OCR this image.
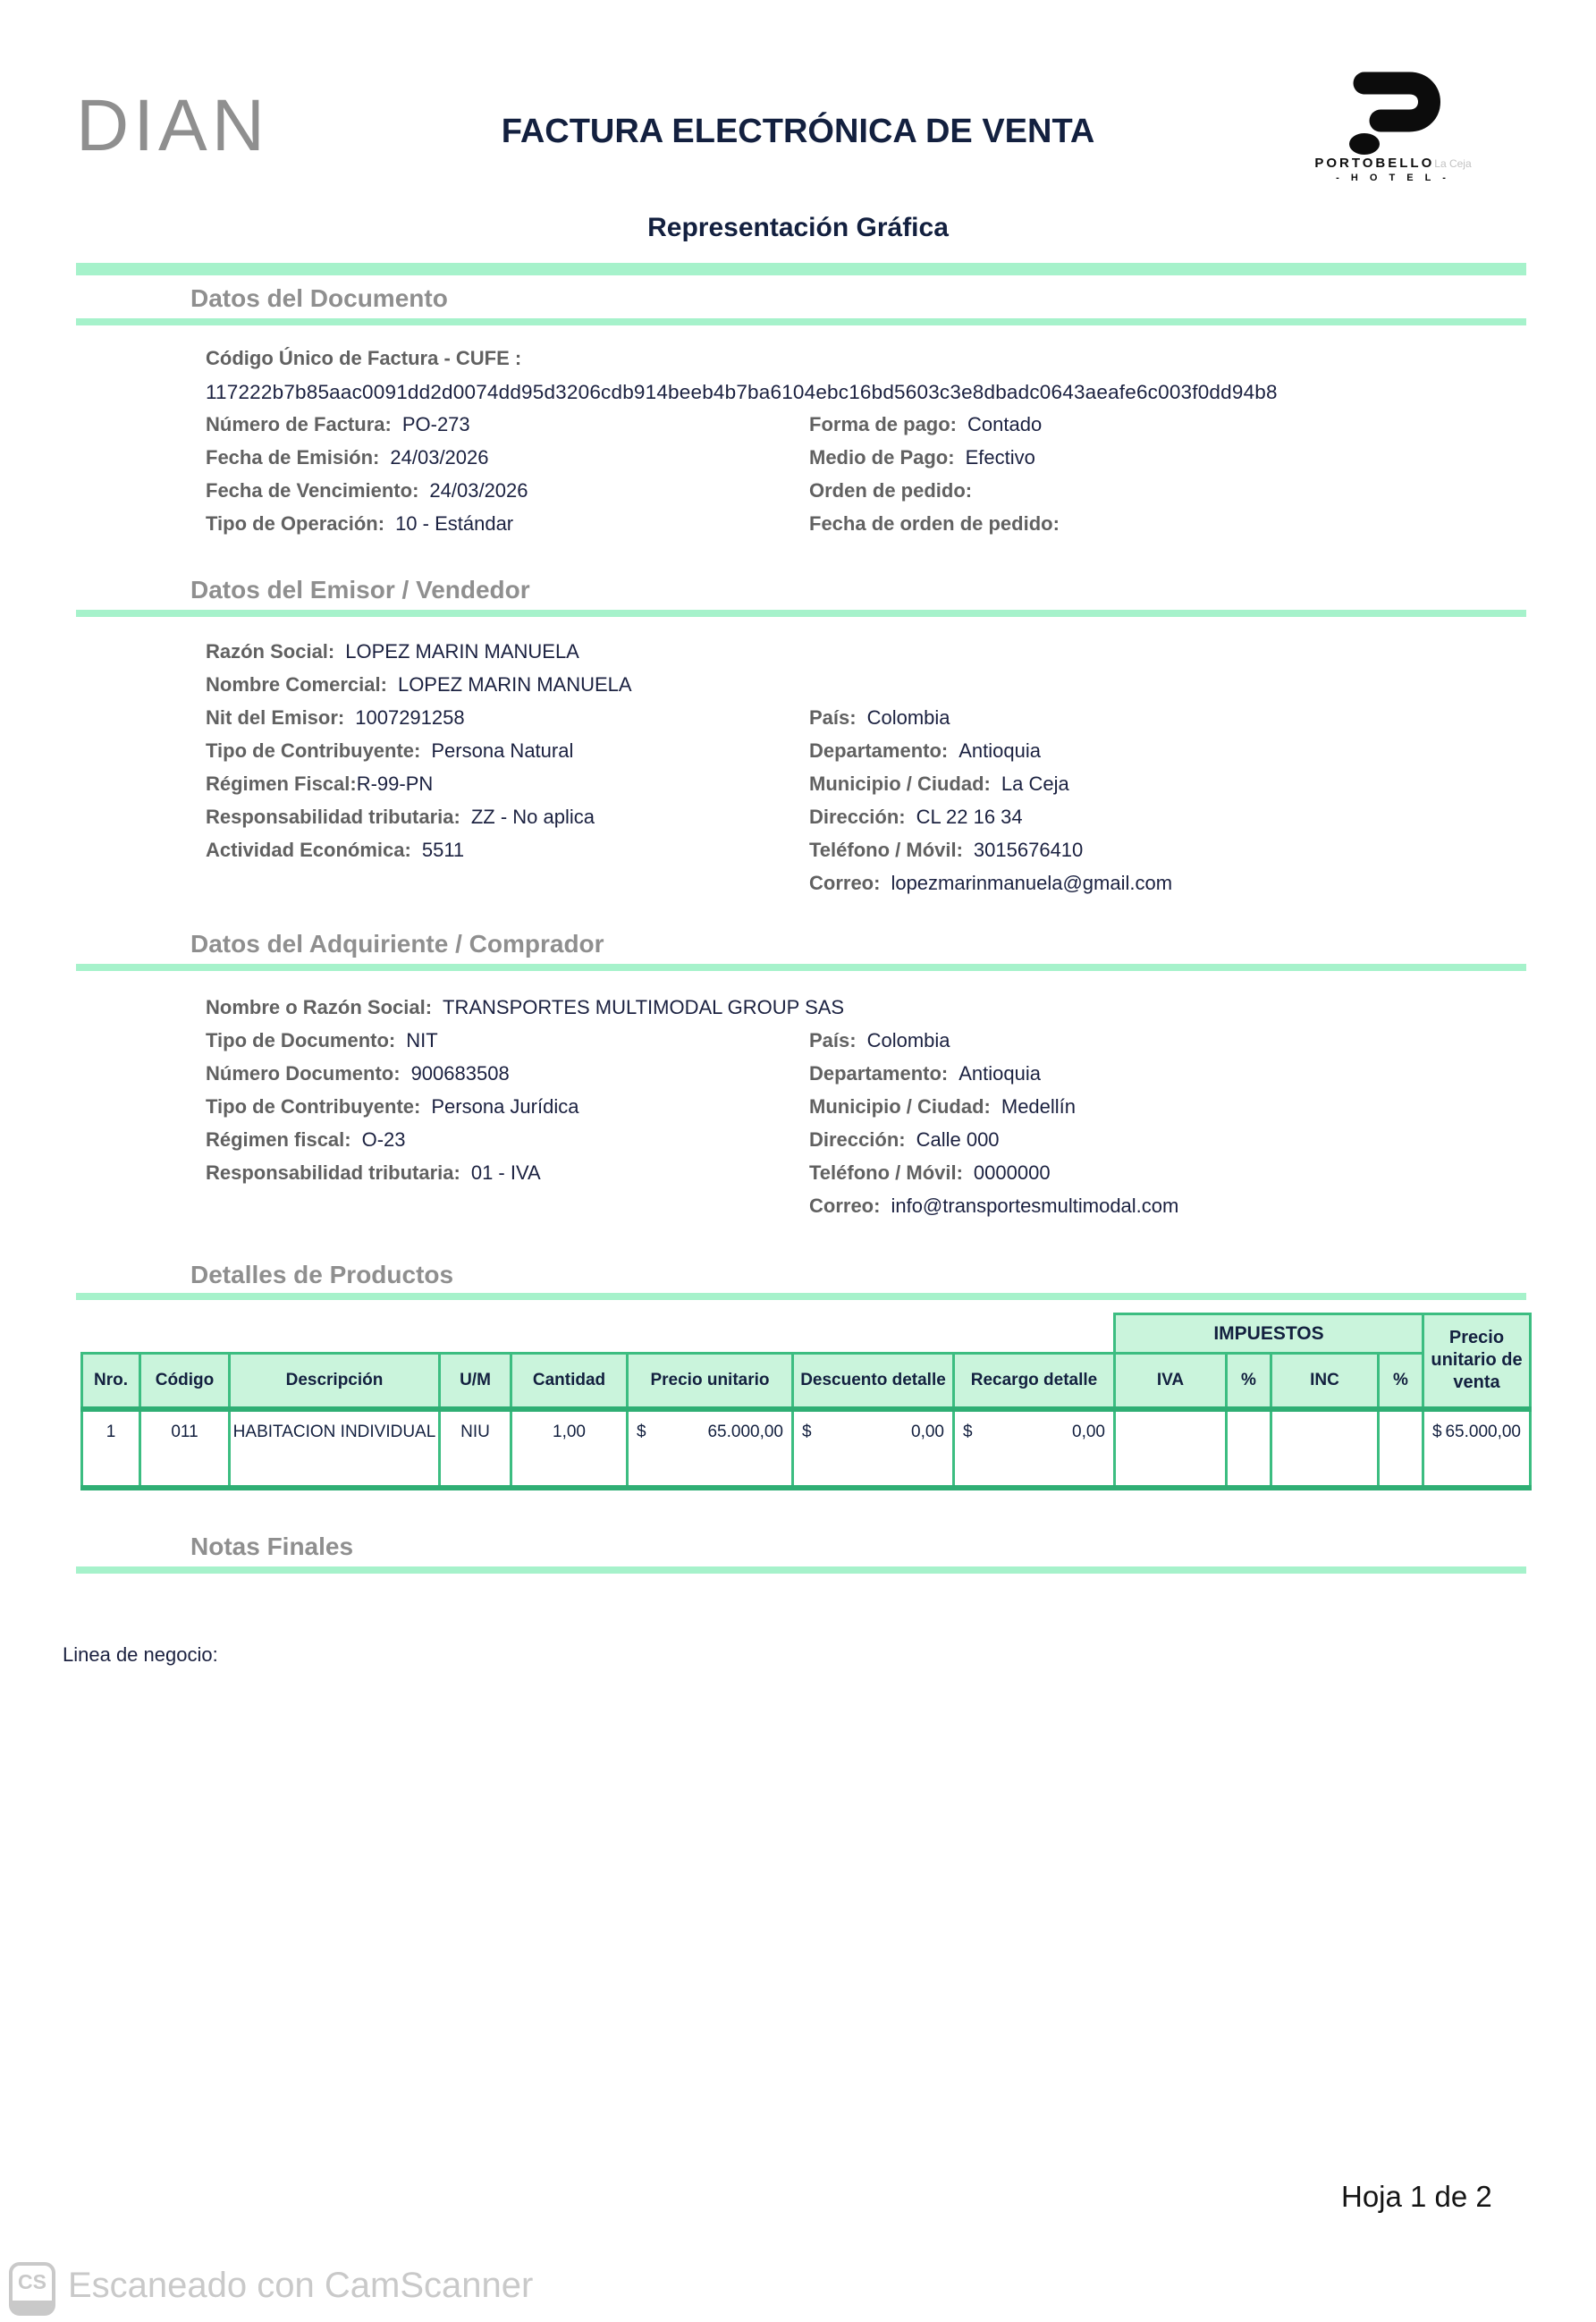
DIAN	FACTURA ELECTRÓNICA DE VENTA
Representación Gráfica
PORTOBELLOLa Ceja
- H O T E L -
Datos del Documento
Código Único de Factura - CUFE :
117222b7b85aac0091dd2d0074dd95d3206cdb914beeb4b7ba6104ebc16bd5603c3e8dbadc0643aeafe6c003f0dd94b8
Número de Factura: PO-273	Forma de pago: Contado
Fecha de Emisión: 24/03/2026	Medio de Pago: Efectivo
Fecha de Vencimiento: 24/03/2026	Orden de pedido:
Tipo de Operación: 10 - Estándar	Fecha de orden de pedido:
Datos del Emisor / Vendedor
Razón Social: LOPEZ MARIN MANUELA
Nombre Comercial: LOPEZ MARIN MANUELA
Nit del Emisor: 1007291258	País: Colombia
Tipo de Contribuyente: Persona Natural	Departamento: Antioquia
Régimen Fiscal:R-99-PN	Municipio / Ciudad: La Ceja
Responsabilidad tributaria: ZZ - No aplica	Dirección: CL 22 16 34
Actividad Económica: 5511	Teléfono / Móvil: 3015676410
Correo: lopezmarinmanuela@gmail.com
Datos del Adquiriente / Comprador
Nombre o Razón Social: TRANSPORTES MULTIMODAL GROUP SAS
Tipo de Documento: NIT	País: Colombia
Número Documento: 900683508	Departamento: Antioquia
Tipo de Contribuyente: Persona Jurídica	Municipio / Ciudad: Medellín
Régimen fiscal: O-23	Dirección: Calle 000
Responsabilidad tributaria: 01 - IVA	Teléfono / Móvil: 0000000
Correo: info@transportesmultimodal.com
Detalles de Productos
								IMPUESTOS				Precio unitario de venta
Nro.	Código	Descripción	U/M	Cantidad	Precio unitario	Descuento detalle	Recargo detalle	IVA	%	INC	%	
1	011	HABITACION INDIVIDUAL	NIU	1,00	$ 65.000,00	$ 0,00	$ 0,00					$ 65.000,00
Notas Finales
Linea de negocio:
Hoja 1 de 2
CS Escaneado con CamScanner
